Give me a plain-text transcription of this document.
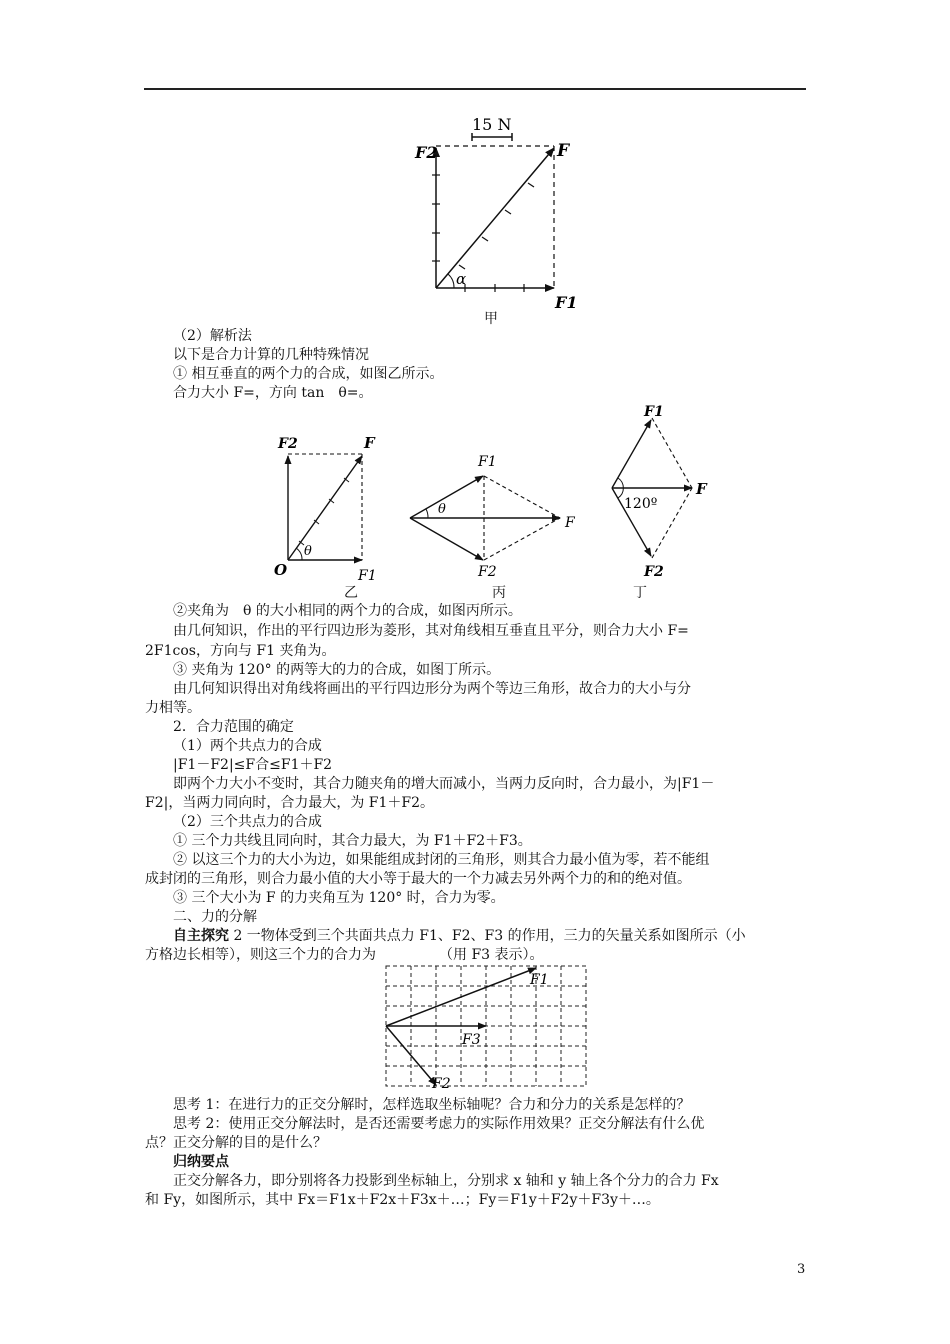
15 N
α
F2	F
F1
甲
（2）解析法
以下是合力计算的几种特殊情况
① 相互垂直的两个力的合成，如图乙所示。
合力大小 F=，方向 tan　θ=。
θ
F2	F
O	F1
乙
θ
F1
F
F2
丙
120º
F1
F
F2
丁
②夹角为　θ 的大小相同的两个力的合成，如图丙所示。
由几何知识，作出的平行四边形为菱形，其对角线相互垂直且平分，则合力大小 F=
2F1cos，方向与 F1 夹角为。
③ 夹角为 120° 的两等大的力的合成，如图丁所示。
由几何知识得出对角线将画出的平行四边形分为两个等边三角形，故合力的大小与分
力相等。
2．合力范围的确定
（1）两个共点力的合成
|F1－F2|≤F合≤F1＋F2
即两个力大小不变时，其合力随夹角的增大而减小，当两力反向时，合力最小，为|F1－
F2|，当两力同向时，合力最大，为 F1＋F2。
（2）三个共点力的合成
① 三个力共线且同向时，其合力最大，为 F1＋F2＋F3。
② 以这三个力的大小为边，如果能组成封闭的三角形，则其合力最小值为零，若不能组
成封闭的三角形，则合力最小值的大小等于最大的一个力减去另外两个力的和的绝对值。
③ 三个大小为 F 的力夹角互为 120° 时，合力为零。
二、力的分解
自主探究 2 一物体受到三个共面共点力 F1、F2、F3 的作用，三力的矢量关系如图所示（小
方格边长相等），则这三个力的合力为　　　　　（用 F3 表示）。
F1
F3
F2
思考 1：在进行力的正交分解时，怎样选取坐标轴呢？合力和分力的关系是怎样的？
思考 2：使用正交分解法时，是否还需要考虑力的实际作用效果？正交分解法有什么优
点？正交分解的目的是什么？
归纳要点
正交分解各力，即分别将各力投影到坐标轴上，分别求 x 轴和 y 轴上各个分力的合力 Fx
和 Fy，如图所示，其中 Fx＝F1x＋F2x＋F3x＋…；Fy＝F1y＋F2y＋F3y＋…。
3
